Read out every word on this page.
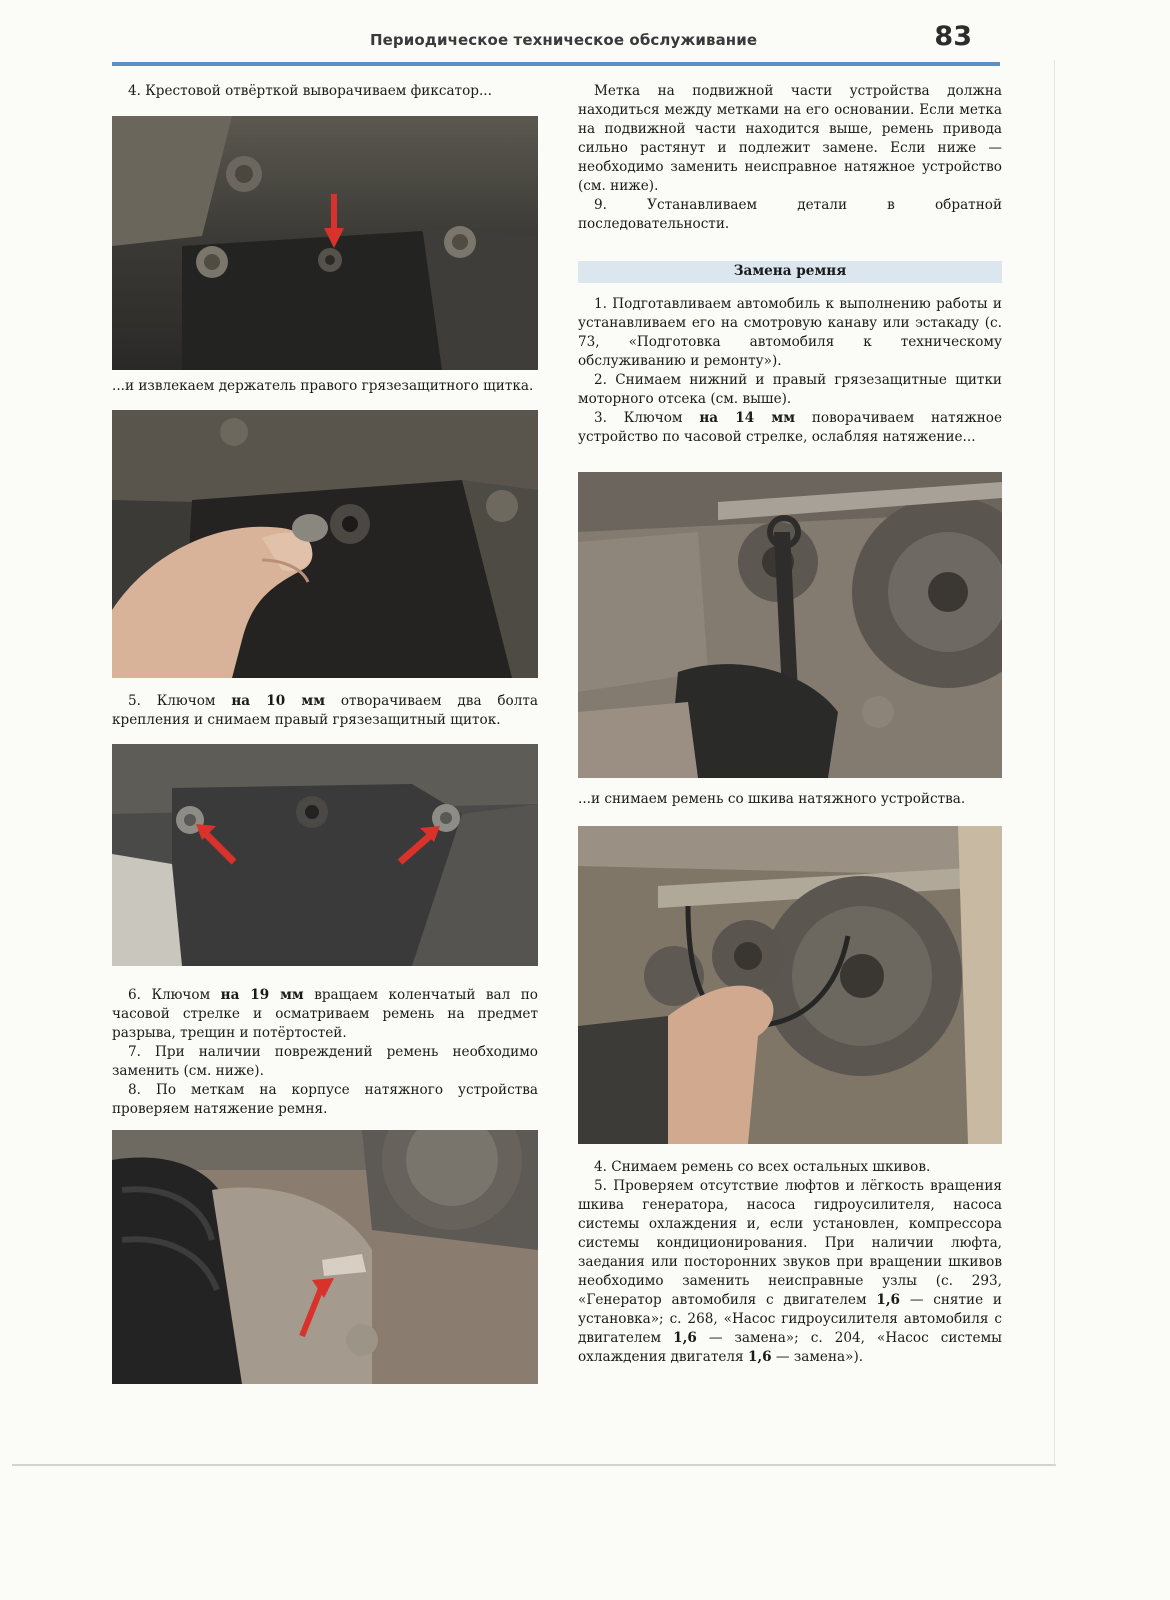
Периодическое техническое обслуживание	83

4. Крестовой отвёрткой выворачиваем фиксатор...

...и извлекаем держатель правого грязезащитного щитка.

5. Ключом на 10 мм отворачиваем два болта крепления и снимаем правый грязезащитный щиток.

6. Ключом на 19 мм вращаем коленчатый вал по часовой стрелке и осматриваем ремень на предмет разрыва, трещин и потёртостей.

7. При наличии повреждений ремень необходимо заменить (см. ниже).

8. По меткам на корпусе натяжного устройства проверяем натяжение ремня.

Метка на подвижной части устройства должна находиться между метками на его основании. Если метка на подвижной части находится выше, ремень привода сильно растянут и подлежит замене. Если ниже — необходимо заменить неисправное натяжное устройство (см. ниже).

9. Устанавливаем детали в обратной последовательности.

Замена ремня

1. Подготавливаем автомобиль к выполнению работы и устанавливаем его на смотровую канаву или эстакаду (с. 73, «Подготовка автомобиля к техническому обслуживанию и ремонту»).

2. Снимаем нижний и правый грязезащитные щитки моторного отсека (см. выше).

3. Ключом на 14 мм поворачиваем натяжное устройство по часовой стрелке, ослабляя натяжение...

...и снимаем ремень со шкива натяжного устройства.

4. Снимаем ремень со всех остальных шкивов.

5. Проверяем отсутствие люфтов и лёгкость вращения шкива генератора, насоса гидроусилителя, насоса системы охлаждения и, если установлен, компрессора системы кондиционирования. При наличии люфта, заедания или посторонних звуков при вращении шкивов необходимо заменить неисправные узлы (с. 293, «Генератор автомобиля с двигателем 1,6 — снятие и установка»; с. 268, «Насос гидроусилителя автомобиля с двигателем 1,6 — замена»; с. 204, «Насос системы охлаждения двигателя 1,6 — замена»).
